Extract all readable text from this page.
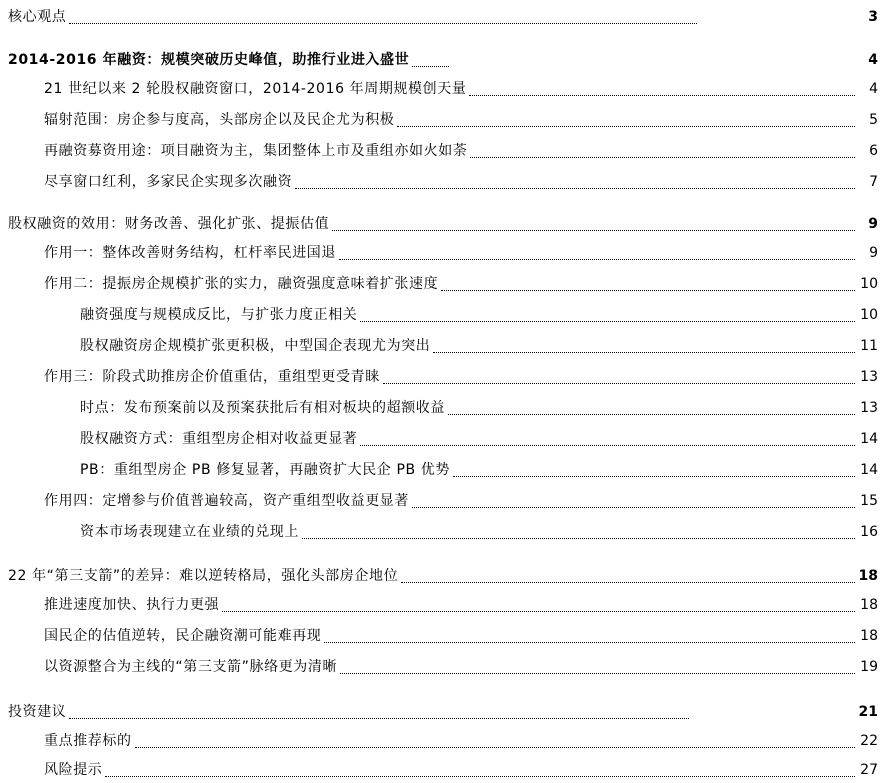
核心观点	3
2014-2016 年融资：规模突破历史峰值，助推行业进入盛世	4
21 世纪以来 2 轮股权融资窗口，2014-2016 年周期规模创天量	4
辐射范围：房企参与度高，头部房企以及民企尤为积极	5
再融资募资用途：项目融资为主，集团整体上市及重组亦如火如荼	6
尽享窗口红利，多家民企实现多次融资	7
股权融资的效用：财务改善、强化扩张、提振估值	9
作用一：整体改善财务结构，杠杆率民进国退	9
作用二：提振房企规模扩张的实力，融资强度意味着扩张速度	10
融资强度与规模成反比，与扩张力度正相关	10
股权融资房企规模扩张更积极，中型国企表现尤为突出	11
作用三：阶段式助推房企价值重估，重组型更受青睐	13
时点：发布预案前以及预案获批后有相对板块的超额收益	13
股权融资方式：重组型房企相对收益更显著	14
PB：重组型房企 PB 修复显著，再融资扩大民企 PB 优势	14
作用四：定增参与价值普遍较高，资产重组型收益更显著	15
资本市场表现建立在业绩的兑现上	16
22 年“第三支箭”的差异：难以逆转格局，强化头部房企地位	18
推进速度加快、执行力更强	18
国民企的估值逆转，民企融资潮可能难再现	18
以资源整合为主线的“第三支箭”脉络更为清晰	19
投资建议	21
重点推荐标的	22
风险提示	27
